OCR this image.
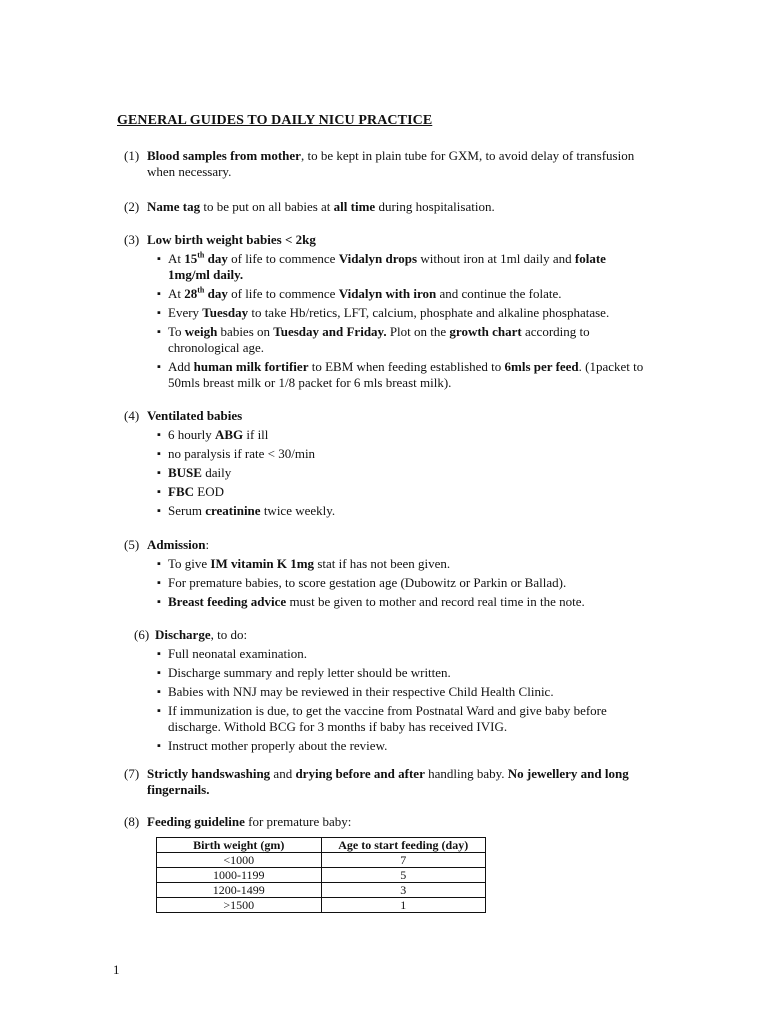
GENERAL GUIDES TO DAILY NICU PRACTICE
(1) Blood samples from mother, to be kept in plain tube for GXM, to avoid delay of transfusion when necessary.
(2) Name tag to be put on all babies at all time during hospitalisation.
(3) Low birth weight babies < 2kg
▪ At 15th day of life to commence Vidalyn drops without iron at 1ml daily and folate 1mg/ml daily.
▪ At 28th day of life to commence Vidalyn with iron and continue the folate.
▪ Every Tuesday to take Hb/retics, LFT, calcium, phosphate and alkaline phosphatase.
▪ To weigh babies on Tuesday and Friday. Plot on the growth chart according to chronological age.
▪ Add human milk fortifier to EBM when feeding established to 6mls per feed. (1packet to 50mls breast milk or 1/8 packet for 6 mls breast milk).
(4) Ventilated babies
▪ 6 hourly ABG if ill
▪ no paralysis if rate < 30/min
▪ BUSE daily
▪ FBC EOD
▪ Serum creatinine twice weekly.
(5) Admission:
▪ To give IM vitamin K 1mg stat if has not been given.
▪ For premature babies, to score gestation age (Dubowitz or Parkin or Ballad).
▪ Breast feeding advice must be given to mother and record real time in the note.
(6) Discharge, to do:
▪ Full neonatal examination.
▪ Discharge summary and reply letter should be written.
▪ Babies with NNJ may be reviewed in their respective Child Health Clinic.
▪ If immunization is due, to get the vaccine from Postnatal Ward and give baby before discharge. Withold BCG for 3 months if baby has received IVIG.
▪ Instruct mother properly about the review.
(7) Strictly handswashing and drying before and after handling baby. No jewellery and long fingernails.
(8) Feeding guideline for premature baby:
Birth weight (gm)	Age to start feeding (day)
<1000	7
1000-1199	5
1200-1499	3
>1500	1
1
